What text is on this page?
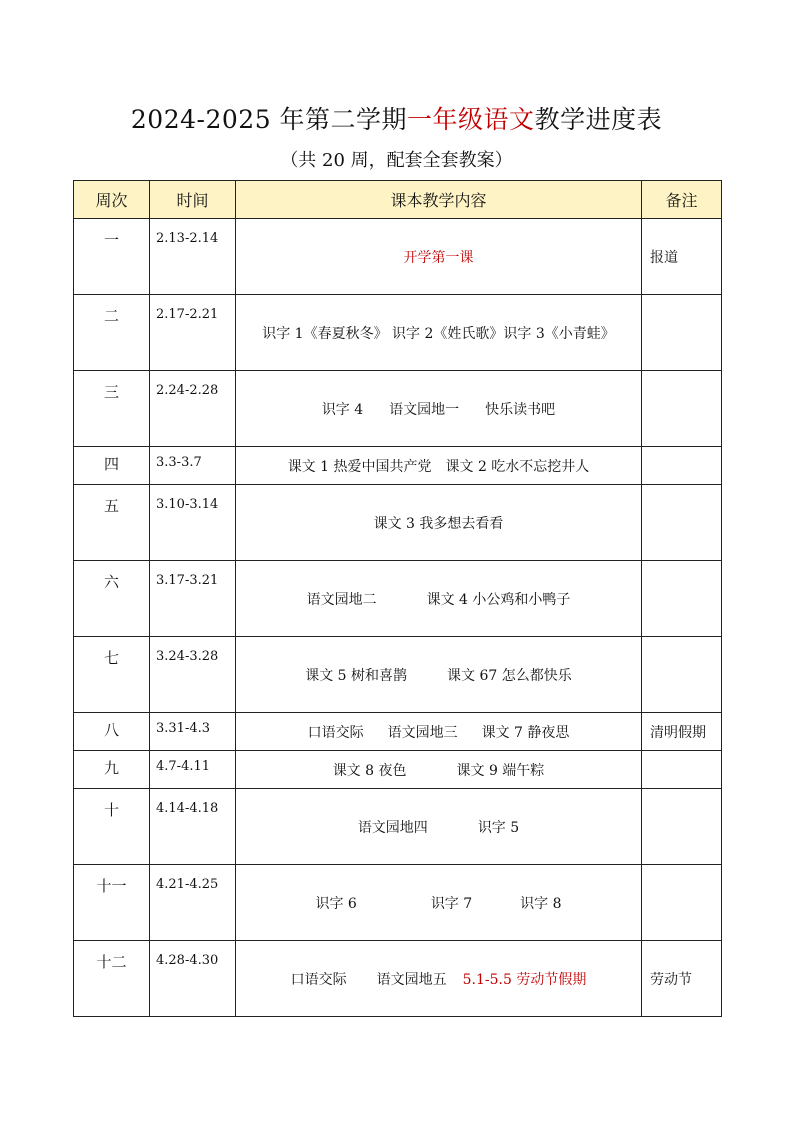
2024-2025 年第二学期一年级语文教学进度表
（共 20 周，配套全套教案）
周次	时间	课本教学内容	备注
一	2.13-2.14	开学第一课	报道
二	2.17-2.21	识字 1《春夏秋冬》 识字 2《姓氏歌》识字 3《小青蛙》	
三	2.24-2.28	识字 4 语文园地一 快乐读书吧	
四	3.3-3.7	课文 1 热爱中国共产党 课文 2 吃水不忘挖井人	
五	3.10-3.14	课文 3 我多想去看看	
六	3.17-3.21	语文园地二 课文 4 小公鸡和小鸭子	
七	3.24-3.28	课文 5 树和喜鹊 课文 67 怎么都快乐	
八	3.31-4.3	口语交际 语文园地三 课文 7 静夜思	清明假期
九	4.7-4.11	课文 8 夜色 课文 9 端午粽	
十	4.14-4.18	语文园地四 识字 5	
十一	4.21-4.25	识字 6 识字 7 识字 8	
十二	4.28-4.30	口语交际 语文园地五 5.1-5.5 劳动节假期	劳动节
